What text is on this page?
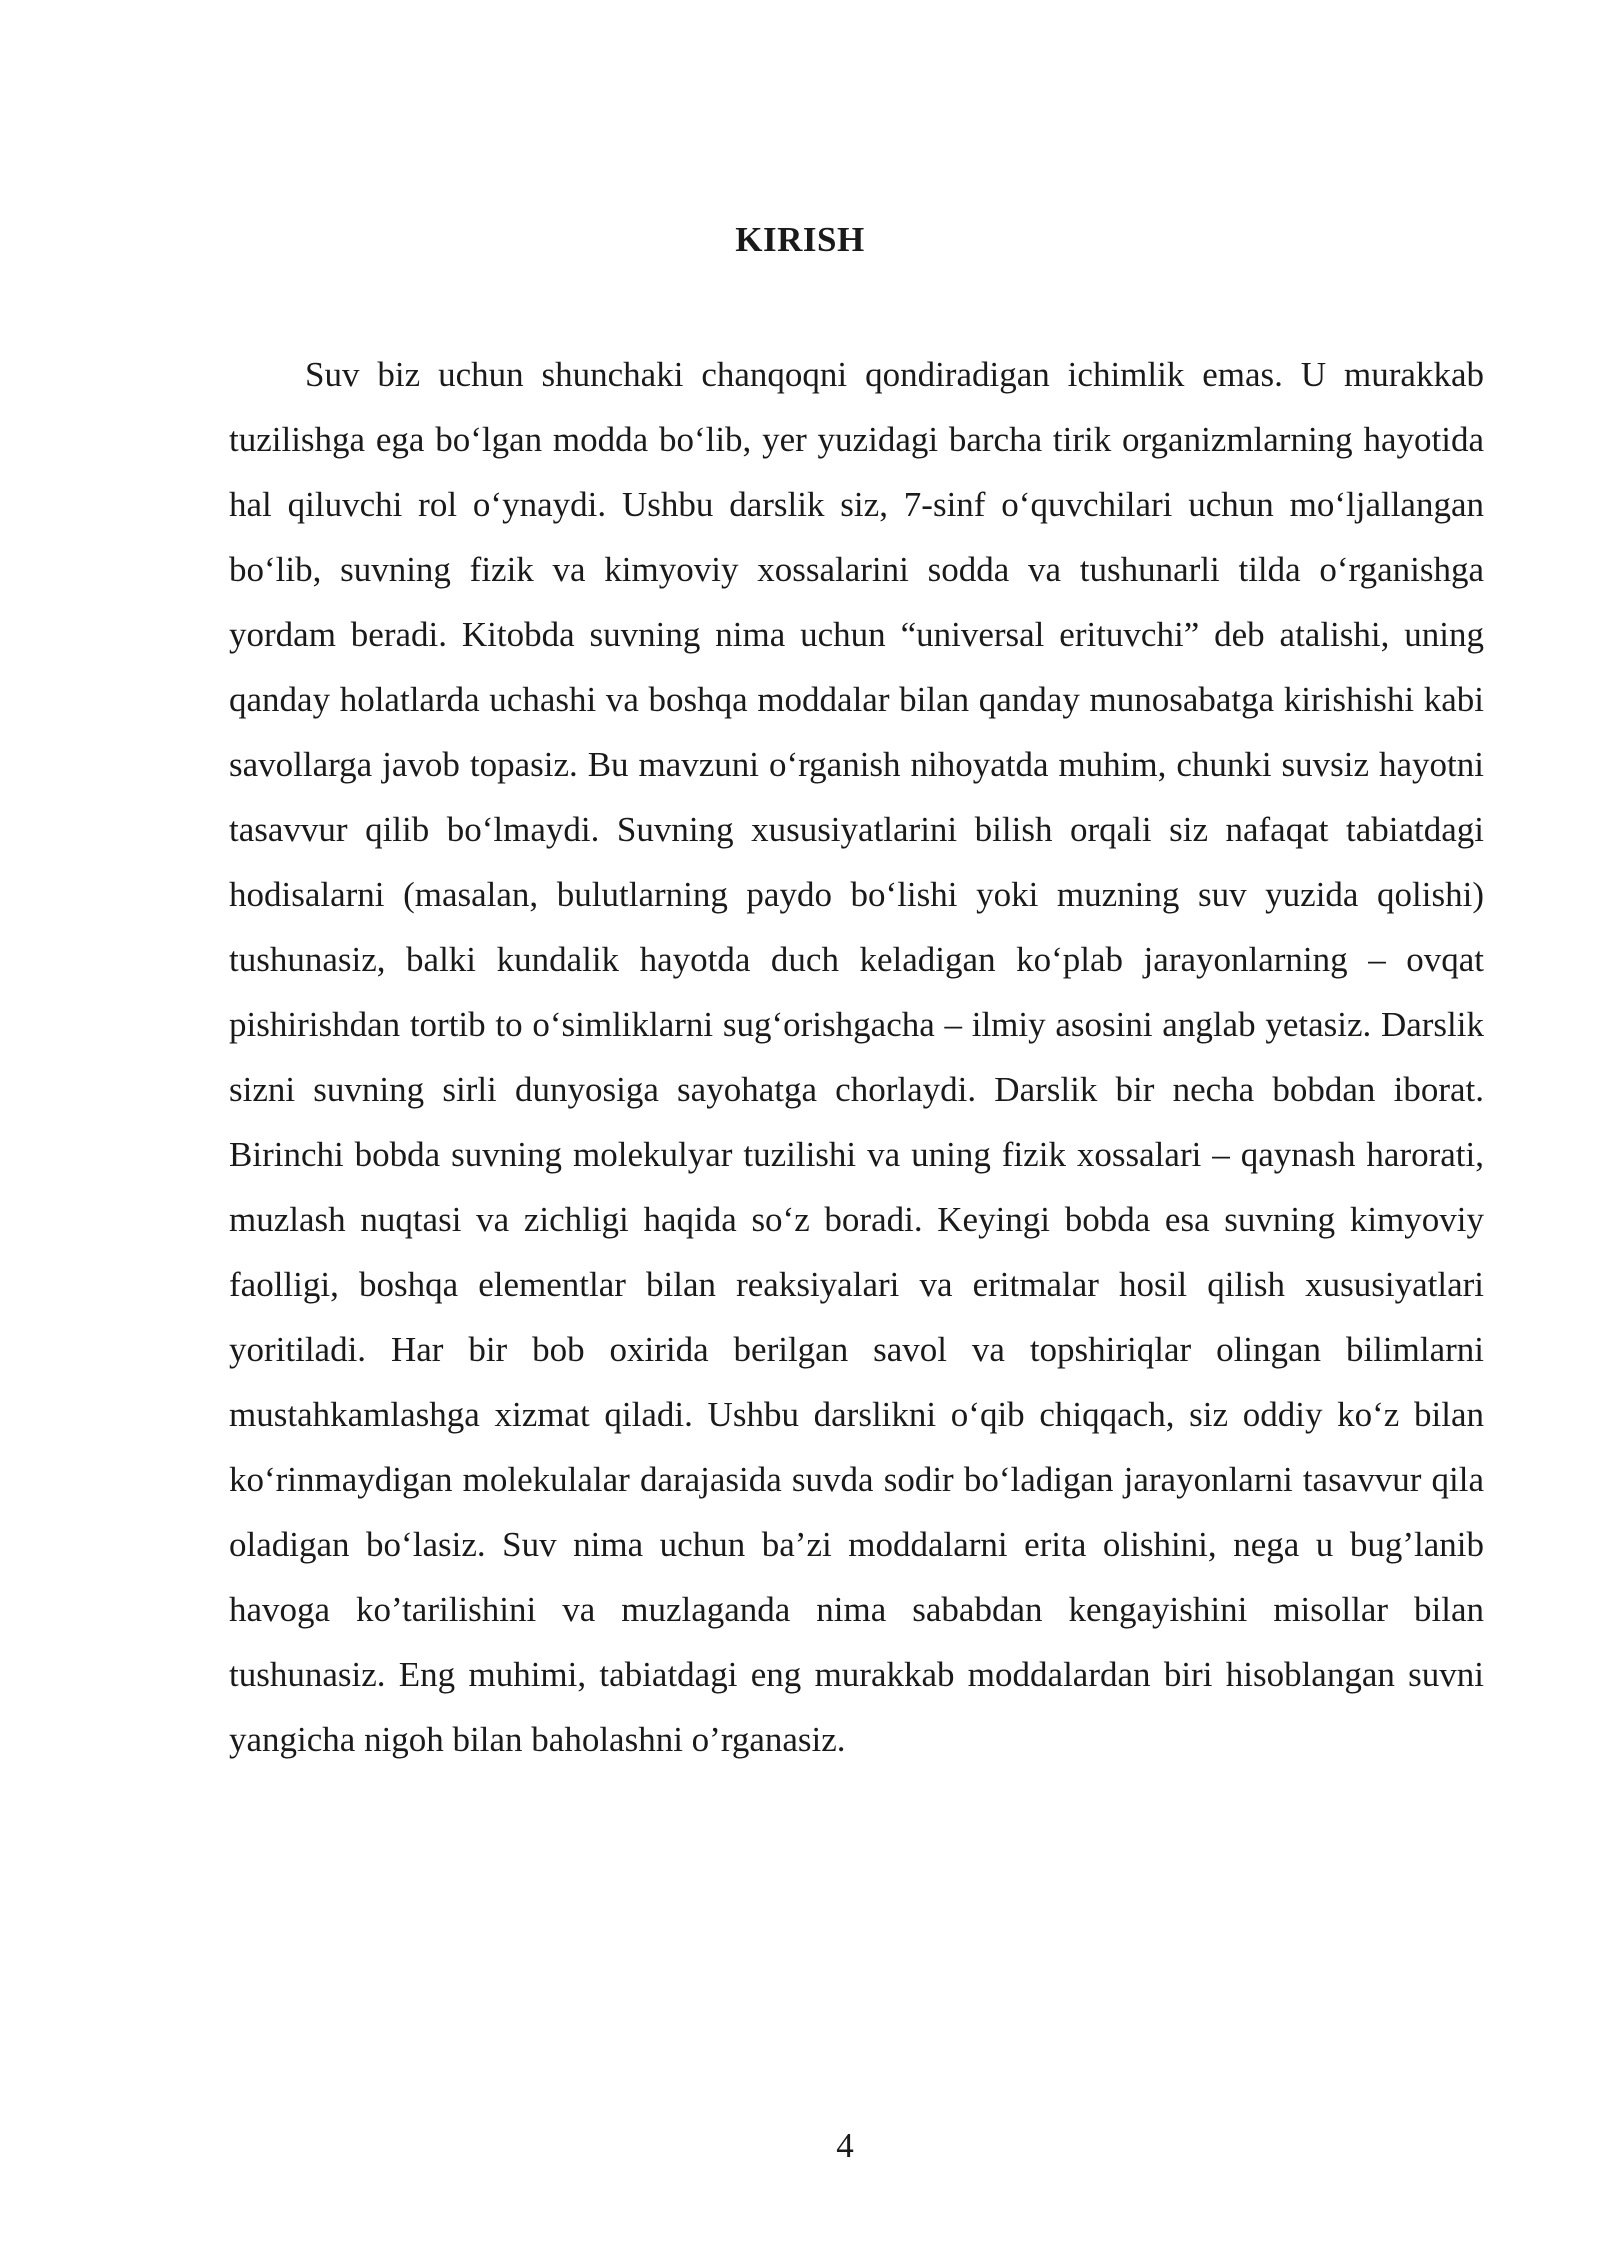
KIRISH

Suv biz uchun shunchaki chanqoqni qondiradigan ichimlik emas. U murakkab tuzilishga ega bo‘lgan modda bo‘lib, yer yuzidagi barcha tirik organizmlarning hayotida hal qiluvchi rol o‘ynaydi. Ushbu darslik siz, 7-sinf o‘quvchilari uchun mo‘ljallangan bo‘lib, suvning fizik va kimyoviy xossalarini sodda va tushunarli tilda o‘rganishga yordam beradi. Kitobda suvning nima uchun “universal erituvchi” deb atalishi, uning qanday holatlarda uchashi va boshqa moddalar bilan qanday munosabatga kirishishi kabi savollarga javob topasiz. Bu mavzuni o‘rganish nihoyatda muhim, chunki suvsiz hayotni tasavvur qilib bo‘lmaydi. Suvning xususiyatlarini bilish orqali siz nafaqat tabiatdagi hodisalarni (masalan, bulutlarning paydo bo‘lishi yoki muzning suv yuzida qolishi) tushunasiz, balki kundalik hayotda duch keladigan ko‘plab jarayonlarning – ovqat pishirishdan tortib to o‘simliklarni sug‘orishgacha – ilmiy asosini anglab yetasiz. Darslik sizni suvning sirli dunyosiga sayohatga chorlaydi. Darslik bir necha bobdan iborat. Birinchi bobda suvning molekulyar tuzilishi va uning fizik xossalari – qaynash harorati, muzlash nuqtasi va zichligi haqida so‘z boradi. Keyingi bobda esa suvning kimyoviy faolligi, boshqa elementlar bilan reaksiyalari va eritmalar hosil qilish xususiyatlari yoritiladi. Har bir bob oxirida berilgan savol va topshiriqlar olingan bilimlarni mustahkamlashga xizmat qiladi. Ushbu darslikni o‘qib chiqqach, siz oddiy ko‘z bilan ko‘rinmaydigan molekulalar darajasida suvda sodir bo‘ladigan jarayonlarni tasavvur qila oladigan bo‘lasiz. Suv nima uchun ba’zi moddalarni erita olishini, nega u bug’lanib havoga ko’tarilishini va muzlaganda nima sababdan kengayishini misollar bilan tushunasiz. Eng muhimi, tabiatdagi eng murakkab moddalardan biri hisoblangan suvni yangicha nigoh bilan baholashni o’rganasiz.

4
